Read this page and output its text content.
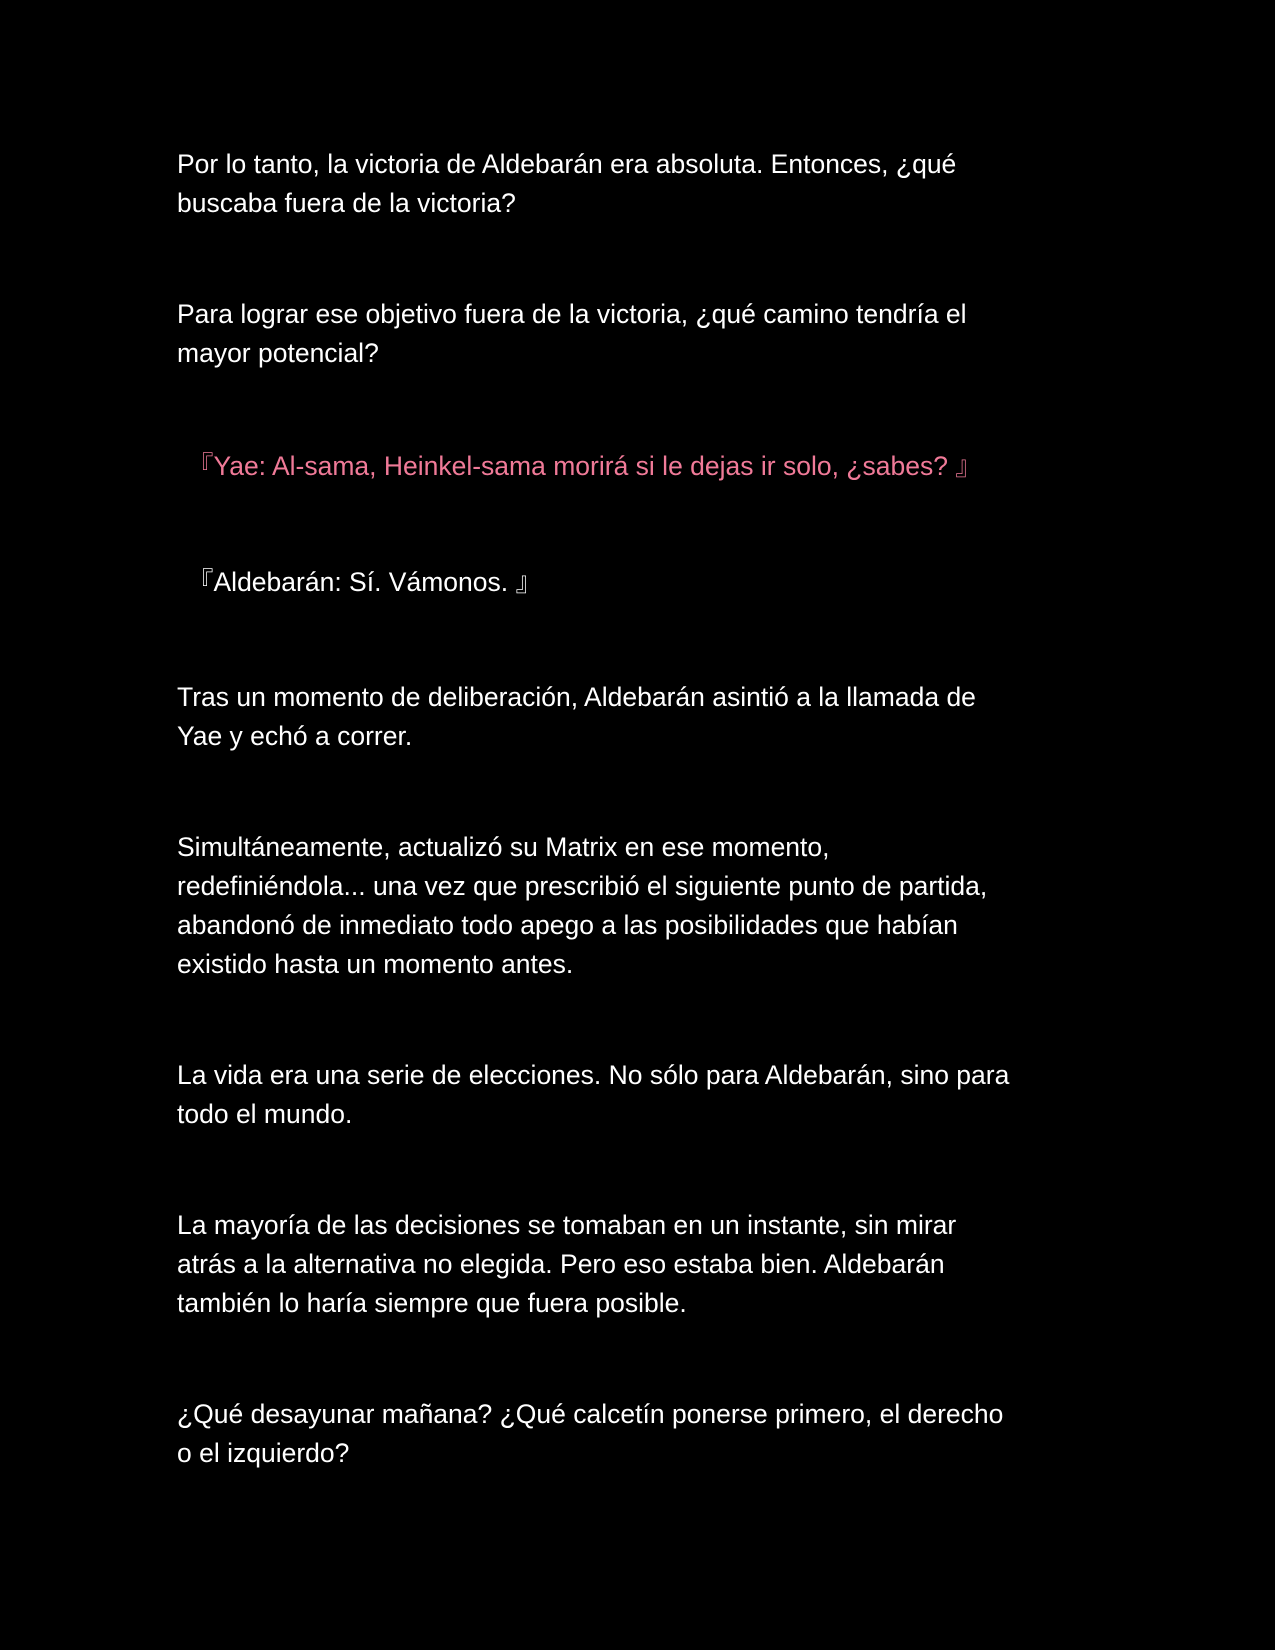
Por lo tanto, la victoria de Aldebarán era absoluta. Entonces, ¿qué
buscaba fuera de la victoria?

Para lograr ese objetivo fuera de la victoria, ¿qué camino tendría el
mayor potencial?

『Yae: Al-sama, Heinkel-sama morirá si le dejas ir solo, ¿sabes? 』

『Aldebarán: Sí. Vámonos. 』

Tras un momento de deliberación, Aldebarán asintió a la llamada de
Yae y echó a correr.

Simultáneamente, actualizó su Matrix en ese momento,
redefiniéndola... una vez que prescribió el siguiente punto de partida,
abandonó de inmediato todo apego a las posibilidades que habían
existido hasta un momento antes.

La vida era una serie de elecciones. No sólo para Aldebarán, sino para
todo el mundo.

La mayoría de las decisiones se tomaban en un instante, sin mirar
atrás a la alternativa no elegida. Pero eso estaba bien. Aldebarán
también lo haría siempre que fuera posible.

¿Qué desayunar mañana? ¿Qué calcetín ponerse primero, el derecho
o el izquierdo?
